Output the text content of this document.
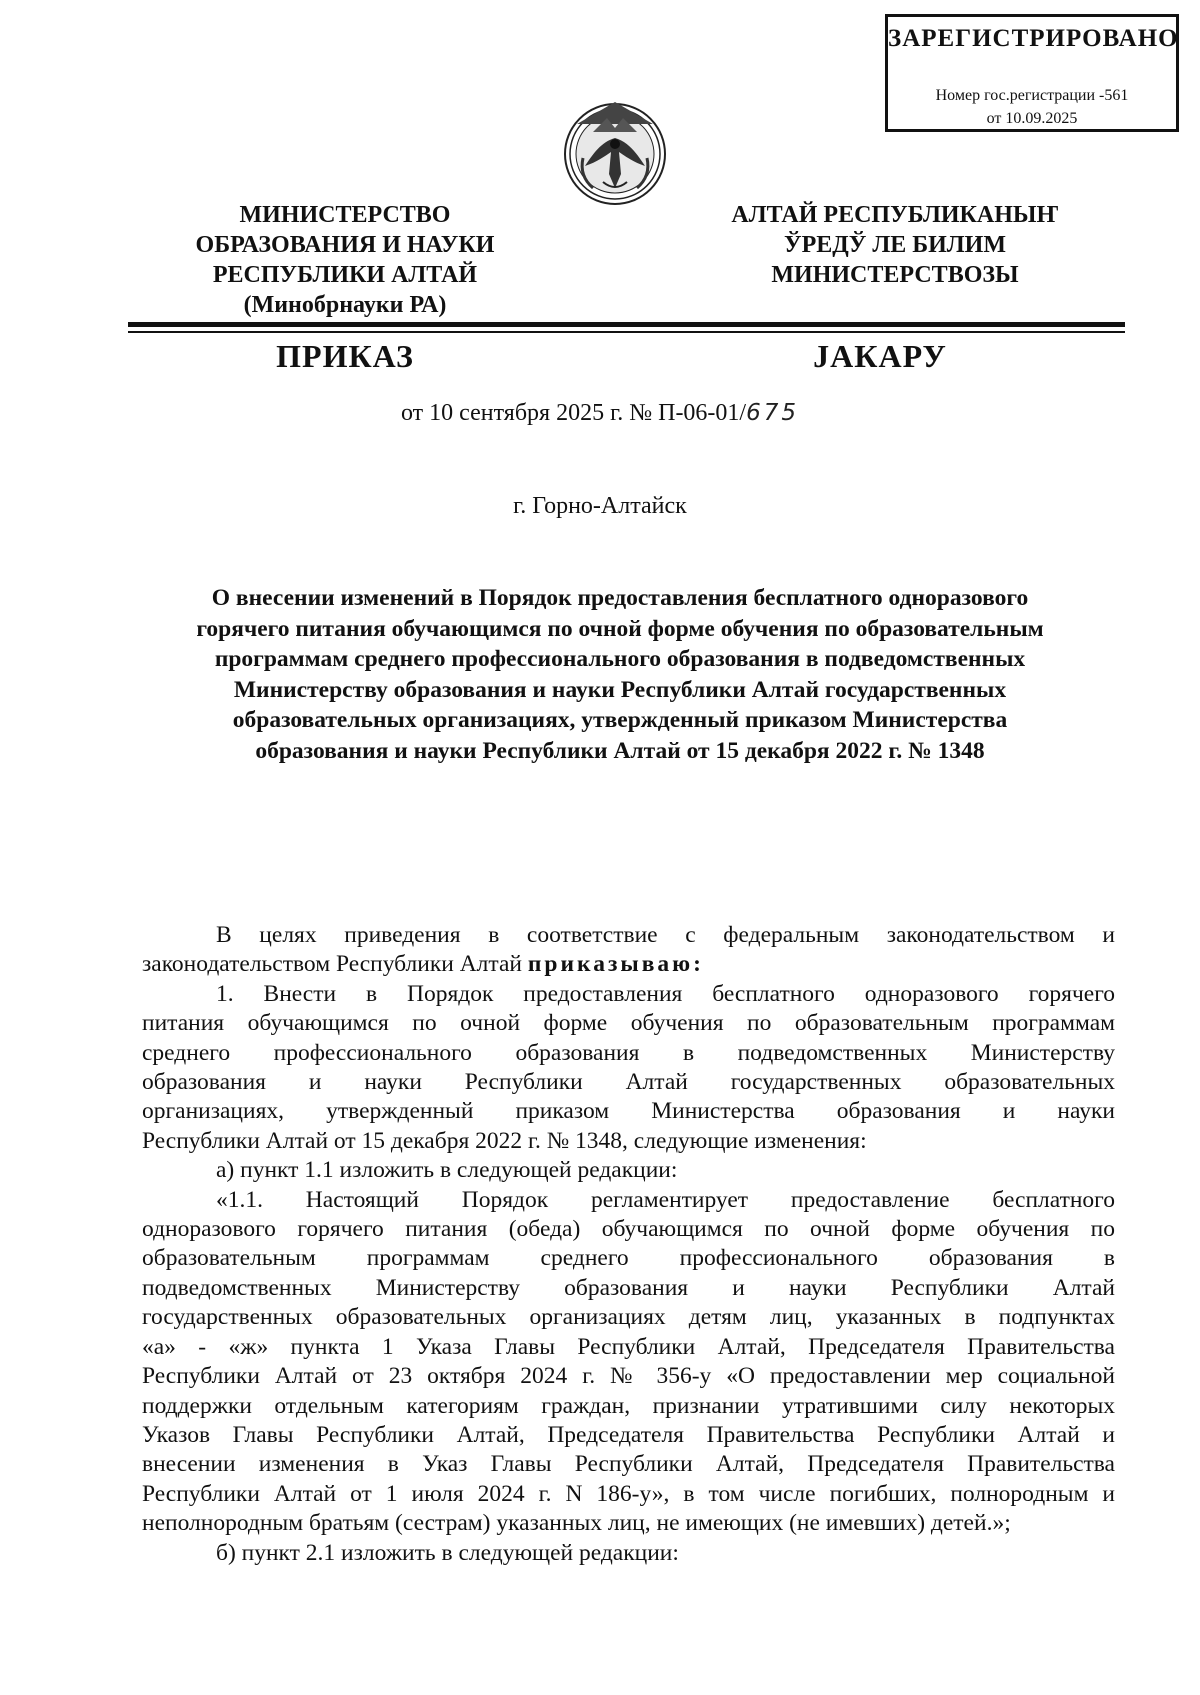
ЗАРЕГИСТРИРОВАНО
Номер гос.регистрации -561
от 10.09.2025
МИНИСТЕРСТВО
ОБРАЗОВАНИЯ И НАУКИ
РЕСПУБЛИКИ АЛТАЙ
(Минобрнауки РА)
АЛТАЙ РЕСПУБЛИКАНЫҤ
ЎРЕДЎ ЛЕ БИЛИМ
МИНИСТЕРСТВОЗЫ
ПРИКАЗ	ЈАКАРУ
от 10 сентября 2025 г. № П-06-01/675
г. Горно-Алтайск
О внесении изменений в Порядок предоставления бесплатного одноразового
горячего питания обучающимся по очной форме обучения по образовательным
программам среднего профессионального образования в подведомственных
Министерству образования и науки Республики Алтай государственных
образовательных организациях, утвержденный приказом Министерства
образования и науки Республики Алтай от 15 декабря 2022 г. № 1348

В целях приведения в соответствие с федеральным законодательством и

законодательством Республики Алтай приказываю:

1. Внести в Порядок предоставления бесплатного одноразового горячего

питания обучающимся по очной форме обучения по образовательным программам

среднего профессионального образования в подведомственных Министерству

образования и науки Республики Алтай государственных образовательных

организациях, утвержденный приказом Министерства образования и науки

Республики Алтай от 15 декабря 2022 г. № 1348, следующие изменения:

а) пункт 1.1 изложить в следующей редакции:

«1.1. Настоящий Порядок регламентирует предоставление бесплатного

одноразового горячего питания (обеда) обучающимся по очной форме обучения по

образовательным программам среднего профессионального образования в

подведомственных Министерству образования и науки Республики Алтай

государственных образовательных организациях детям лиц, указанных в подпунктах

«а» - «ж» пункта 1 Указа Главы Республики Алтай, Председателя Правительства

Республики Алтай от 23 октября 2024 г. № 356-у «О предоставлении мер социальной

поддержки отдельным категориям граждан, признании утратившими силу некоторых

Указов Главы Республики Алтай, Председателя Правительства Республики Алтай и

внесении изменения в Указ Главы Республики Алтай, Председателя Правительства

Республики Алтай от 1 июля 2024 г. N 186-у», в том числе погибших, полнородным и

неполнородным братьям (сестрам) указанных лиц, не имеющих (не имевших) детей.»;

б) пункт 2.1 изложить в следующей редакции:
